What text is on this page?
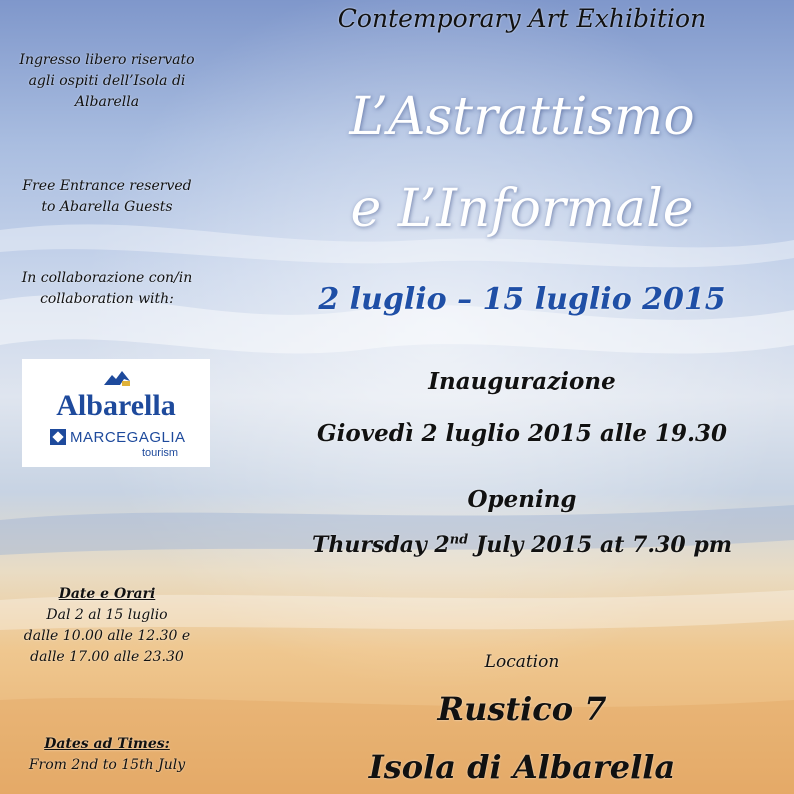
Contemporary Art Exhibition
Ingresso libero riservato
agli ospiti dell’Isola di
Albarella
Free Entrance reserved
to Abarella Guests
In collaborazione con/in
collaboration with:
Albarella
MARCEGAGLIA
tourism
Date e Orari
Dal 2 al 15 luglio
dalle 10.00 alle 12.30 e
dalle 17.00 alle 23.30
Dates ad Times:
From 2nd to 15th July
L’Astrattismo
e L’Informale
2 luglio – 15 luglio 2015
Inaugurazione
Giovedì 2 luglio 2015 alle 19.30
Opening
Thursday 2nd July 2015 at 7.30 pm
Location
Rustico 7
Isola di Albarella
